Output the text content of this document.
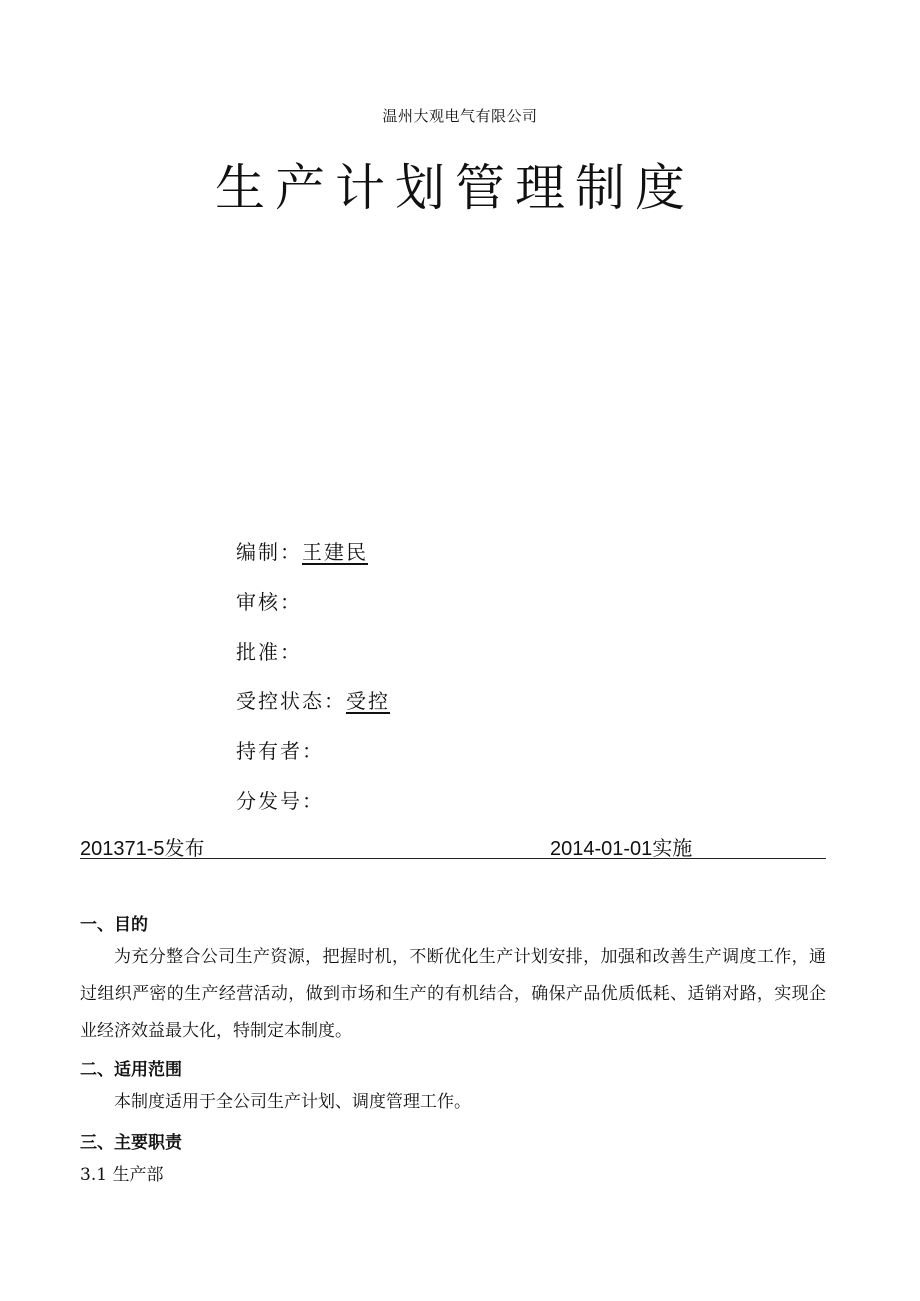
温州大观电气有限公司
生产计划管理制度
编制：王建民
审核：
批准：
受控状态：受控
持有者：
分发号：
201371-5发布	2014-01-01实施
一、目的

为充分整合公司生产资源，把握时机，不断优化生产计划安排，加强和改善生产调度工作，通过组织严密的生产经营活动，做到市场和生产的有机结合，确保产品优质低耗、适销对路，实现企业经济效益最大化，特制定本制度。

二、适用范围

本制度适用于全公司生产计划、调度管理工作。

三、主要职责

3.1 生产部
